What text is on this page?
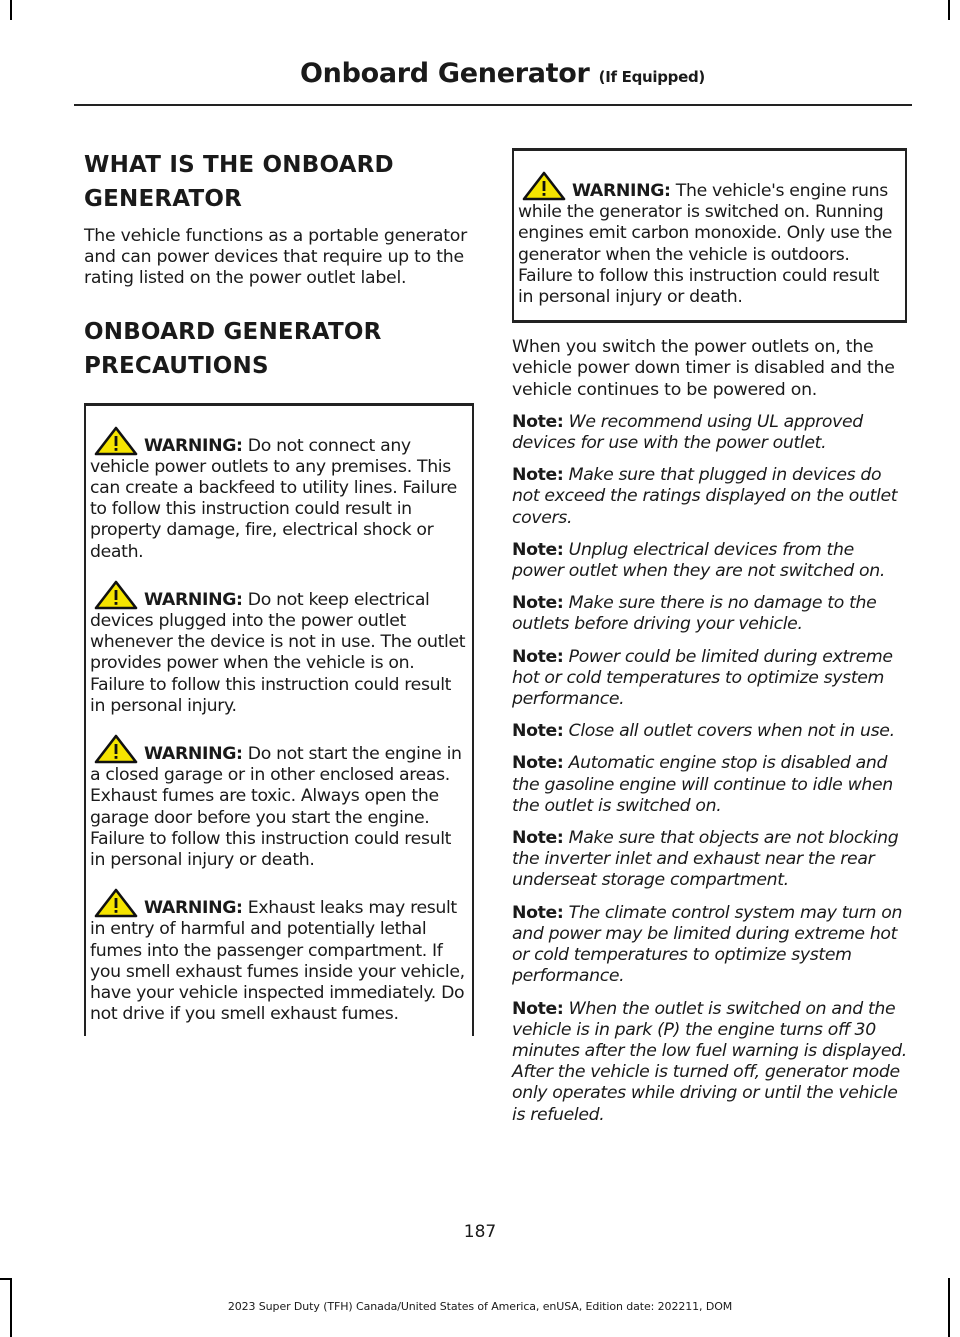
Onboard Generator (If Equipped)
WHAT IS THE ONBOARD
GENERATOR

The vehicle functions as a portable generator and can power devices that require up to the rating listed on the power outlet label.

ONBOARD GENERATOR
PRECAUTIONS

WARNING: Do not connect any vehicle power outlets to any premises. This can create a backfeed to utility lines. Failure to follow this instruction could result in property damage, fire, electrical shock or death.

WARNING: Do not keep electrical devices plugged into the power outlet whenever the device is not in use. The outlet provides power when the vehicle is on. Failure to follow this instruction could result in personal injury.

WARNING: Do not start the engine in a closed garage or in other enclosed areas. Exhaust fumes are toxic. Always open the garage door before you start the engine. Failure to follow this instruction could result in personal injury or death.

WARNING: Exhaust leaks may result in entry of harmful and potentially lethal fumes into the passenger compartment. If you smell exhaust fumes inside your vehicle, have your vehicle inspected immediately. Do not drive if you smell exhaust fumes.

WARNING: The vehicle's engine runs while the generator is switched on. Running engines emit carbon monoxide. Only use the generator when the vehicle is outdoors. Failure to follow this instruction could result in personal injury or death.

When you switch the power outlets on, the vehicle power down timer is disabled and the vehicle continues to be powered on.

Note: We recommend using UL approved devices for use with the power outlet.

Note: Make sure that plugged in devices do not exceed the ratings displayed on the outlet covers.

Note: Unplug electrical devices from the power outlet when they are not switched on.

Note: Make sure there is no damage to the outlets before driving your vehicle.

Note: Power could be limited during extreme hot or cold temperatures to optimize system performance.

Note: Close all outlet covers when not in use.

Note: Automatic engine stop is disabled and the gasoline engine will continue to idle when the outlet is switched on.

Note: Make sure that objects are not blocking the inverter inlet and exhaust near the rear underseat storage compartment.

Note: The climate control system may turn on and power may be limited during extreme hot or cold temperatures to optimize system performance.

Note: When the outlet is switched on and the vehicle is in park (P) the engine turns off 30 minutes after the low fuel warning is displayed. After the vehicle is turned off, generator mode only operates while driving or until the vehicle is refueled.

187
2023 Super Duty (TFH) Canada/United States of America, enUSA, Edition date: 202211, DOM
